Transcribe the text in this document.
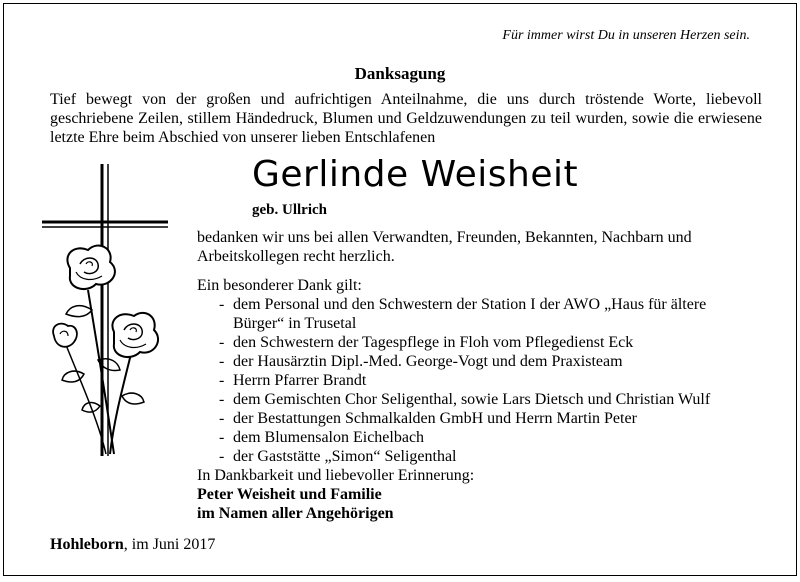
Für immer wirst Du in unseren Herzen sein.
Danksagung
Tief bewegt von der großen und aufrichtigen Anteilnahme, die uns durch tröstende Worte, liebevoll geschriebene Zeilen, stillem Händedruck, Blumen und Geldzuwendungen zu teil wurden, sowie die erwiesene letzte Ehre beim Abschied von unserer lieben Entschlafenen
Gerlinde Weisheit
geb. Ullrich

bedanken wir uns bei allen Verwandten, Freunden, Bekannten, Nachbarn und Arbeitskollegen recht herzlich.

Ein besonderer Dank gilt:

- dem Personal und den Schwestern der Station I der AWO „Haus für ältere Bürger“ in Trusetal
- den Schwestern der Tagespflege in Floh vom Pflegedienst Eck
- der Hausärztin Dipl.-Med. George-Vogt und dem Praxisteam
- Herrn Pfarrer Brandt
- dem Gemischten Chor Seligenthal, sowie Lars Dietsch und Christian Wulf
- der Bestattungen Schmalkalden GmbH und Herrn Martin Peter
- dem Blumensalon Eichelbach
- der Gaststätte „Simon“ Seligenthal

In Dankbarkeit und liebevoller Erinnerung:

Peter Weisheit und Familie

im Namen aller Angehörigen

Hohleborn, im Juni 2017
